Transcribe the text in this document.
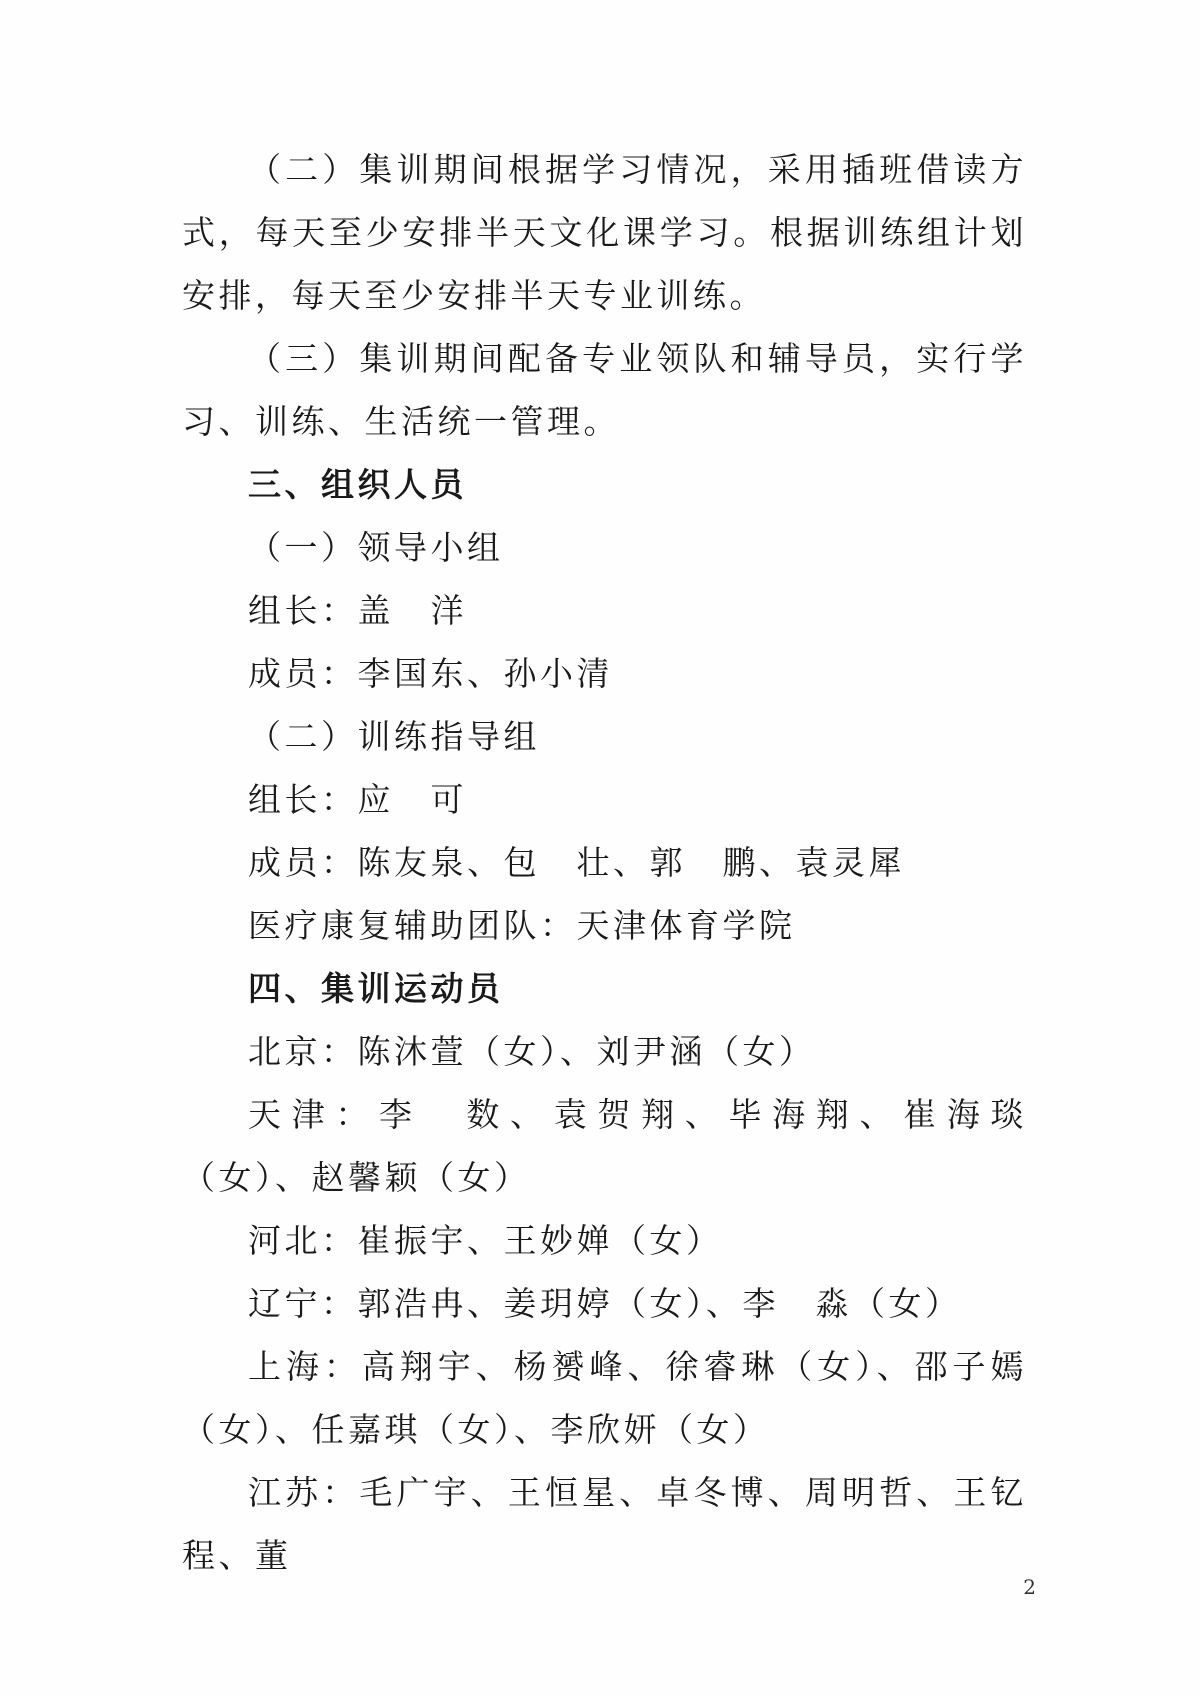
（二）集训期间根据学习情况，采用插班借读方式，每天至少安排半天文化课学习。根据训练组计划安排，每天至少安排半天专业训练。

（三）集训期间配备专业领队和辅导员，实行学习、训练、生活统一管理。

三、组织人员

（一）领导小组

组长：盖　洋

成员：李国东、孙小清

（二）训练指导组

组长：应　可

成员：陈友泉、包　壮、郭　鹏、袁灵犀

医疗康复辅助团队：天津体育学院

四、集训运动员

北京：陈沐萱（女）、刘尹涵（女）

天津：李　数、袁贺翔、毕海翔、崔海琰（女）、赵馨颖（女）

河北：崔振宇、王妙婵（女）

辽宁：郭浩冉、姜玥婷（女）、李　淼（女）

上海：高翔宇、杨赟峰、徐睿琳（女）、邵子嫣（女）、任嘉琪（女）、李欣妍（女）

江苏：毛广宇、王恒星、卓冬博、周明哲、王钇程、董

2
